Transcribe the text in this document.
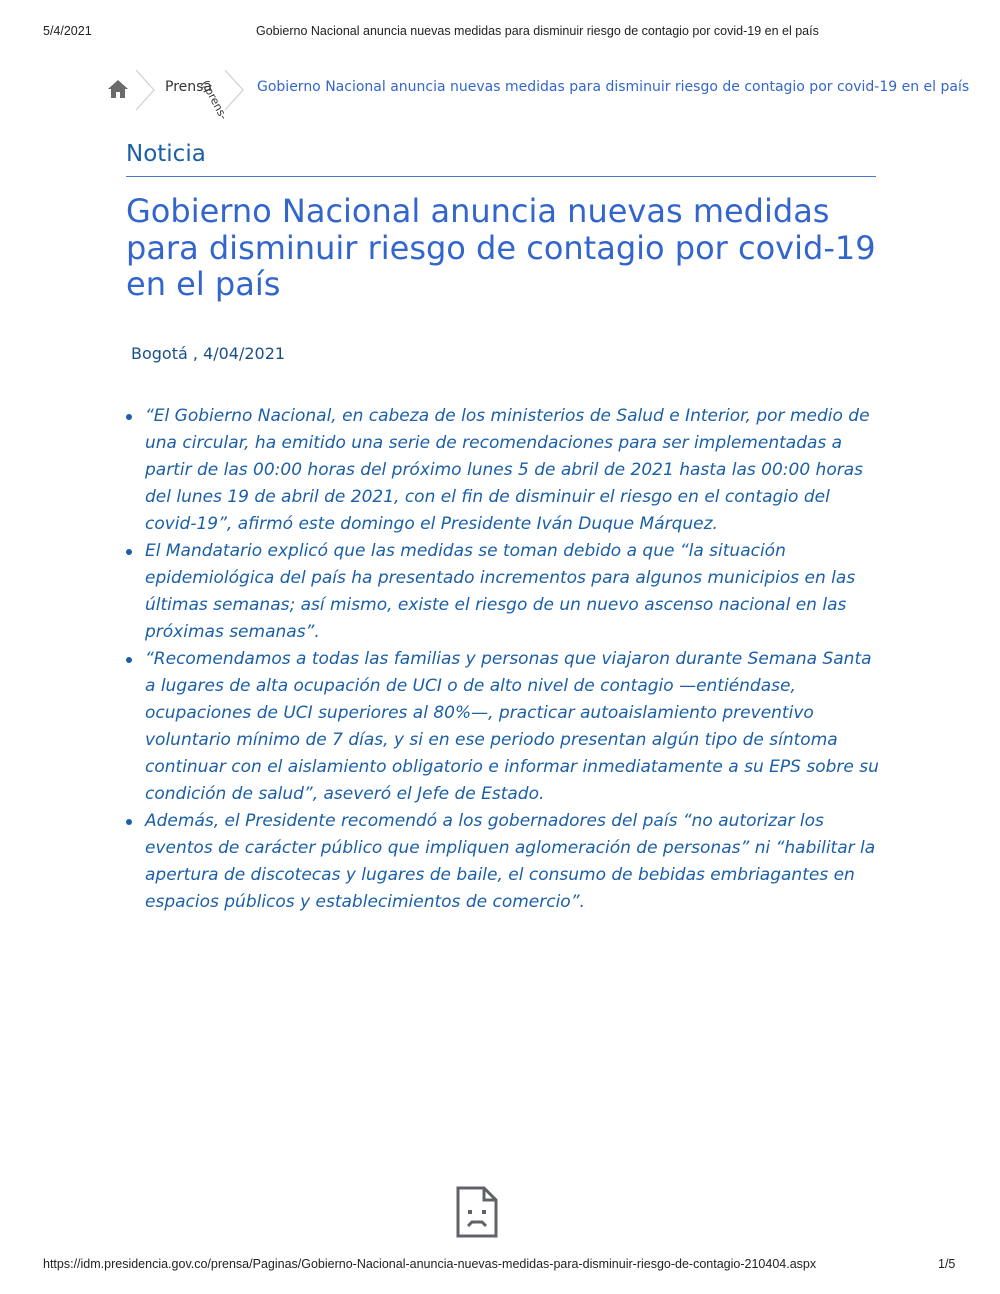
5/4/2021	Gobierno Nacional anuncia nuevas medidas para disminuir riesgo de contagio por covid-19 en el país
Prensa
(/prens- Gobierno Nacional anuncia nuevas medidas para disminuir riesgo de contagio por covid-19 en el país
Noticia
Gobierno Nacional anuncia nuevas medidas para disminuir riesgo de contagio por covid-19 en el país
Bogotá , 4/04/2021
“El Gobierno Nacional, en cabeza de los ministerios de Salud e Interior, por medio de una circular, ha emitido una serie de recomendaciones para ser implementadas a partir de las 00:00 horas del próximo lunes 5 de abril de 2021 hasta las 00:00 horas del lunes 19 de abril de 2021, con el fin de disminuir el riesgo en el contagio del covid-19”, afirmó este domingo el Presidente Iván Duque Márquez.
El Mandatario explicó que las medidas se toman debido a que “la situación epidemiológica del país ha presentado incrementos para algunos municipios en las últimas semanas; así mismo, existe el riesgo de un nuevo ascenso nacional en las próximas semanas”.
“Recomendamos a todas las familias y personas que viajaron durante Semana Santa a lugares de alta ocupación de UCI o de alto nivel de contagio —entiéndase, ocupaciones de UCI superiores al 80%—, practicar autoaislamiento preventivo voluntario mínimo de 7 días, y si en ese periodo presentan algún tipo de síntoma continuar con el aislamiento obligatorio e informar inmediatamente a su EPS sobre su condición de salud”, aseveró el Jefe de Estado.
Además, el Presidente recomendó a los gobernadores del país “no autorizar los eventos de carácter público que impliquen aglomeración de personas” ni “habilitar la apertura de discotecas y lugares de baile, el consumo de bebidas embriagantes en espacios públicos y establecimientos de comercio”.
https://idm.presidencia.gov.co/prensa/Paginas/Gobierno-Nacional-anuncia-nuevas-medidas-para-disminuir-riesgo-de-contagio-210404.aspx	1/5
